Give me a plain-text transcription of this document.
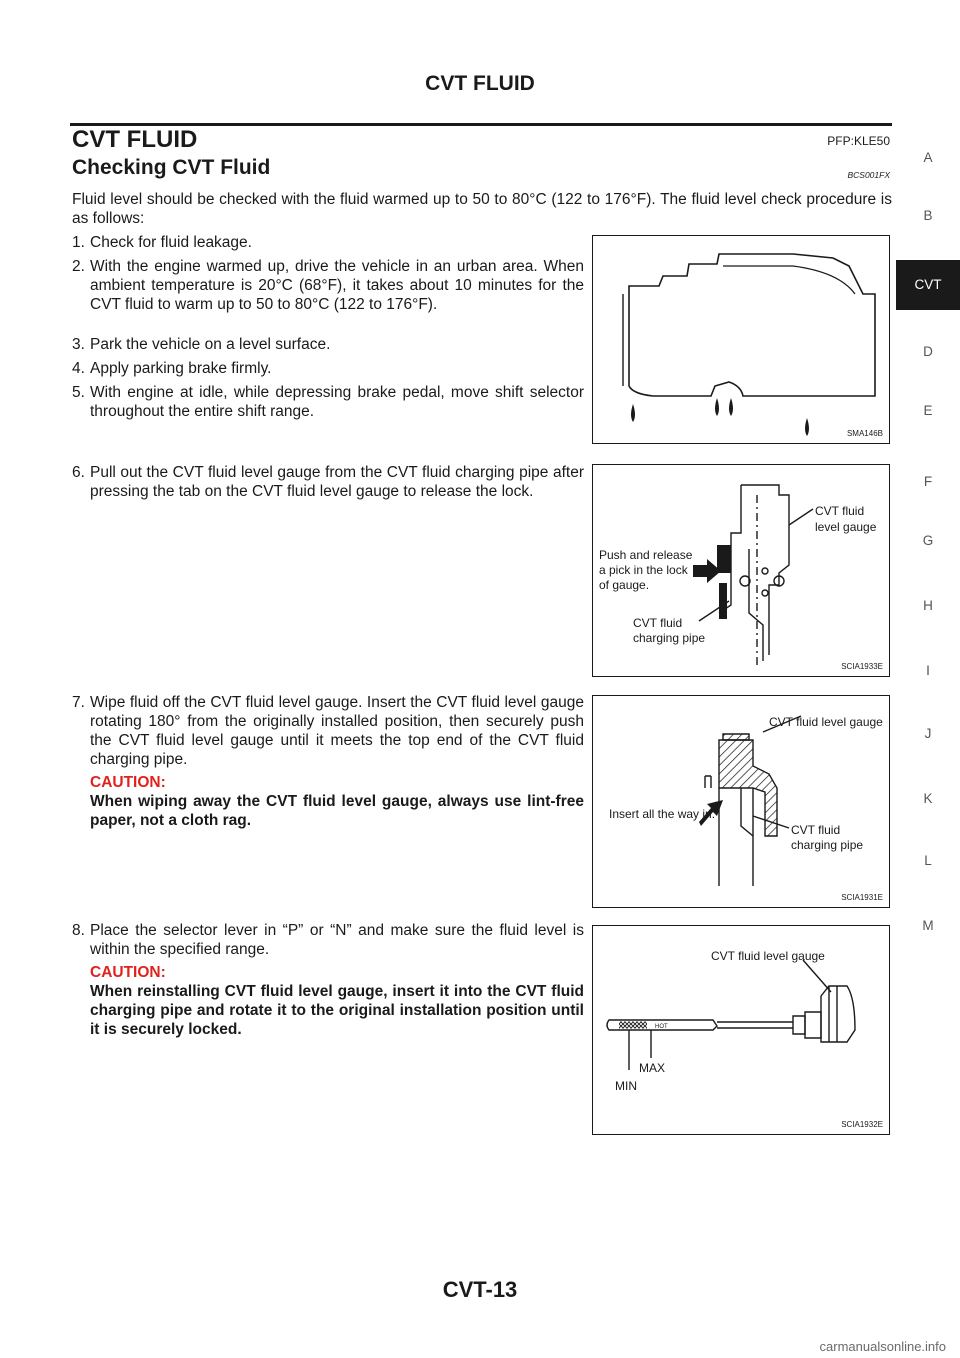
CVT FLUID
CVT FLUID	PFP:KLE50
Checking CVT Fluid	BCS001FX
Fluid level should be checked with the fluid warmed up to 50 to 80°C (122 to 176°F). The fluid level check procedure is as follows:
1. Check for fluid leakage.
2. With the engine warmed up, drive the vehicle in an urban area. When ambient temperature is 20°C (68°F), it takes about 10 minutes for the CVT fluid to warm up to 50 to 80°C (122 to 176°F).
3. Park the vehicle on a level surface.
4. Apply parking brake firmly.
5. With engine at idle, while depressing brake pedal, move shift selector throughout the entire shift range.
SMA146B
6. Pull out the CVT fluid level gauge from the CVT fluid charging pipe after pressing the tab on the CVT fluid level gauge to release the lock.
CVT fluid
level gauge
Push and release
a pick in the lock
of gauge.
CVT fluid
charging pipe
SCIA1933E
7. Wipe fluid off the CVT fluid level gauge. Insert the CVT fluid level gauge rotating 180° from the originally installed position, then securely push the CVT fluid level gauge until it meets the top end of the CVT fluid charging pipe.
CAUTION:
When wiping away the CVT fluid level gauge, always use lint-free paper, not a cloth rag.
CVT fluid level gauge
Insert all the way in.
CVT fluid
charging pipe
SCIA1931E
8. Place the selector lever in “P” or “N” and make sure the fluid level is within the specified range.
CAUTION:
When reinstalling CVT fluid level gauge, insert it into the CVT fluid charging pipe and rotate it to the original installation position until it is securely locked.	HOT
CVT fluid level gauge
MAX
MIN
SCIA1932E
A
B
CVT
D
E
F
G
H
I
J
K
L
M
CVT-13
carmanualsonline.info
